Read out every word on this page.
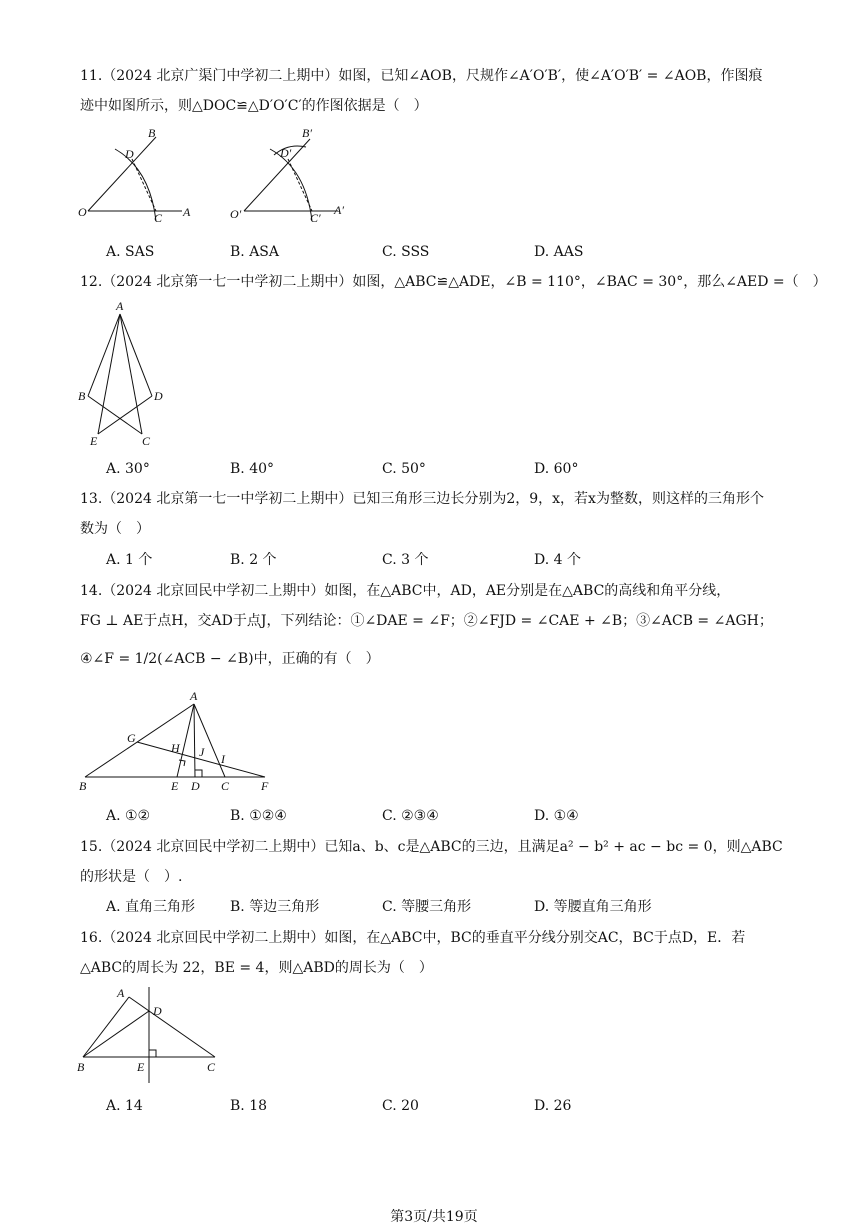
11.（2024 北京广渠门中学初二上期中）如图，已知∠AOB，尺规作∠A′O′B′，使∠A′O′B′ = ∠AOB，作图痕
迹中如图所示，则△DOC≌△D′O′C′的作图依据是（　）
B
D
O	C A
B′
D′
O′	C′
A′
A. SAS	B. ASA	C. SSS	D. AAS
12.（2024 北京第一七一中学初二上期中）如图，△ABC≌△ADE，∠B = 110°，∠BAC = 30°，那么∠AED =（　）
A
B	D
E	C
A. 30°	B. 40°	C. 50°	D. 60°
13.（2024 北京第一七一中学初二上期中）已知三角形三边长分别为2，9，x，若x为整数，则这样的三角形个
数为（　）
A. 1 个	B. 2 个	C. 3 个	D. 4 个
14.（2024 北京回民中学初二上期中）如图，在△ABC中，AD，AE分别是在△ABC的高线和角平分线，
FG ⊥ AE于点H，交AD于点J，下列结论：①∠DAE = ∠F；②∠FJD = ∠CAE + ∠B；③∠ACB = ∠AGH；
④∠F = 1/2(∠ACB − ∠B)中，正确的有（　）
A
G
H J I
B	E D C	F
A. ①②	B. ①②④	C. ②③④	D. ①④
15.（2024 北京回民中学初二上期中）已知a、b、c是△ABC的三边，且满足a² − b² + ac − bc = 0，则△ABC
的形状是（　）.
A. 直角三角形 B. 等边三角形	C. 等腰三角形	D. 等腰直角三角形
16.（2024 北京回民中学初二上期中）如图，在△ABC中，BC的垂直平分线分别交AC，BC于点D，E．若
△ABC的周长为 22，BE = 4，则△ABD的周长为（　）
A
D
B	E	C
A. 14	B. 18	C. 20	D. 26
第3页/共19页
